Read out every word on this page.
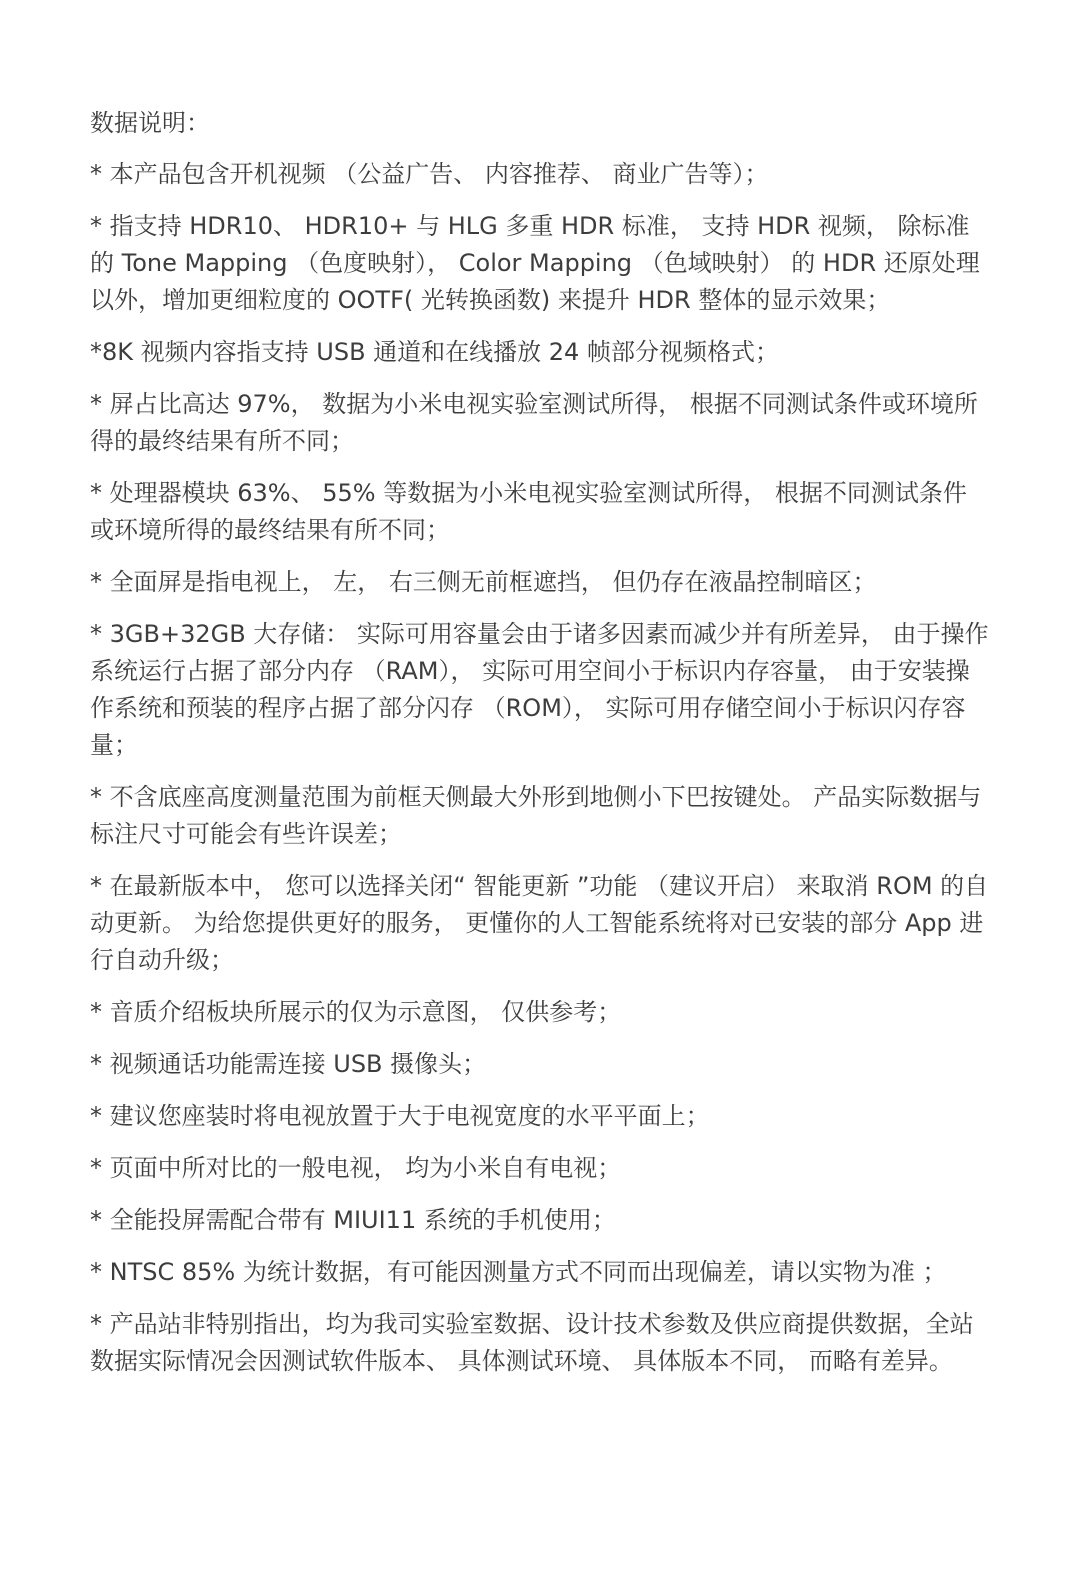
数据说明：
* 本产品包含开机视频 （公益广告、 内容推荐、 商业广告等）；
* 指支持 HDR10、 HDR10+ 与 HLG 多重 HDR 标准， 支持 HDR 视频， 除标准的 Tone Mapping （色度映射）， Color Mapping （色域映射） 的 HDR 还原处理以外，增加更细粒度的 OOTF( 光转换函数) 来提升 HDR 整体的显示效果；
*8K 视频内容指支持 USB 通道和在线播放 24 帧部分视频格式；
* 屏占比高达 97%， 数据为小米电视实验室测试所得， 根据不同测试条件或环境所得的最终结果有所不同；
* 处理器模块 63%、 55% 等数据为小米电视实验室测试所得， 根据不同测试条件或环境所得的最终结果有所不同；
* 全面屏是指电视上， 左， 右三侧无前框遮挡， 但仍存在液晶控制暗区；
* 3GB+32GB 大存储： 实际可用容量会由于诸多因素而减少并有所差异， 由于操作系统运行占据了部分内存 （RAM）， 实际可用空间小于标识内存容量， 由于安装操作系统和预装的程序占据了部分闪存 （ROM）， 实际可用存储空间小于标识闪存容量；
* 不含底座高度测量范围为前框天侧最大外形到地侧小下巴按键处。 产品实际数据与标注尺寸可能会有些许误差；
* 在最新版本中， 您可以选择关闭“ 智能更新 ”功能 （建议开启） 来取消 ROM 的自动更新。 为给您提供更好的服务， 更懂你的人工智能系统将对已安装的部分 App 进行自动升级；
* 音质介绍板块所展示的仅为示意图， 仅供参考；
* 视频通话功能需连接 USB 摄像头；
* 建议您座装时将电视放置于大于电视宽度的水平平面上；
* 页面中所对比的一般电视， 均为小米自有电视；
* 全能投屏需配合带有 MIUI11 系统的手机使用；
* NTSC 85% 为统计数据，有可能因测量方式不同而出现偏差，请以实物为准 ；
* 产品站非特别指出，均为我司实验室数据、设计技术参数及供应商提供数据，全站数据实际情况会因测试软件版本、 具体测试环境、 具体版本不同， 而略有差异。
